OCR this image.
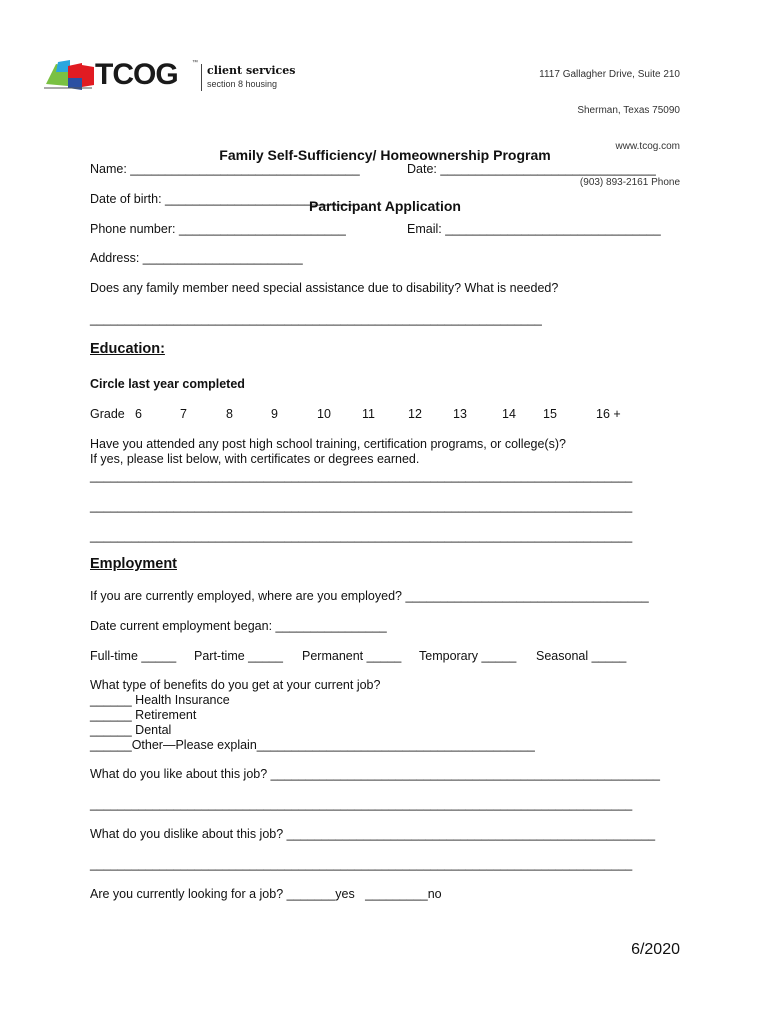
TCOG ™
client services
section 8 housing

1117 Gallagher Drive, Suite 210

Sherman, Texas 75090

www.tcog.com

(903) 893-2161 Phone

Family Self-Sufficiency/ Homeownership Program

Participant Application

Name: _________________________________	Date: _______________________________
Date of birth: ___________________________
Phone number: ________________________	Email: _______________________________
Address: _______________________
Does any family member need special assistance due to disability? What is needed?
_________________________________________________________________
Education:
Circle last year completed
Grade 6	7	8	9	10 11	12 13	14 15	16 +
Have you attended any post high school training, certification programs, or college(s)?
If yes, please list below, with certificates or degrees earned.
______________________________________________________________________________
______________________________________________________________________________
______________________________________________________________________________
Employment
If you are currently employed, where are you employed? ___________________________________
Date current employment began: ________________
Full-time _____ Part-time _____ Permanent _____ Temporary _____ Seasonal _____
What type of benefits do you get at your current job?
______ Health Insurance
______ Retirement
______ Dental
______Other—Please explain________________________________________
What do you like about this job? ________________________________________________________
______________________________________________________________________________
What do you dislike about this job? _____________________________________________________
______________________________________________________________________________
Are you currently looking for a job? _______yes   _________no
6/2020
